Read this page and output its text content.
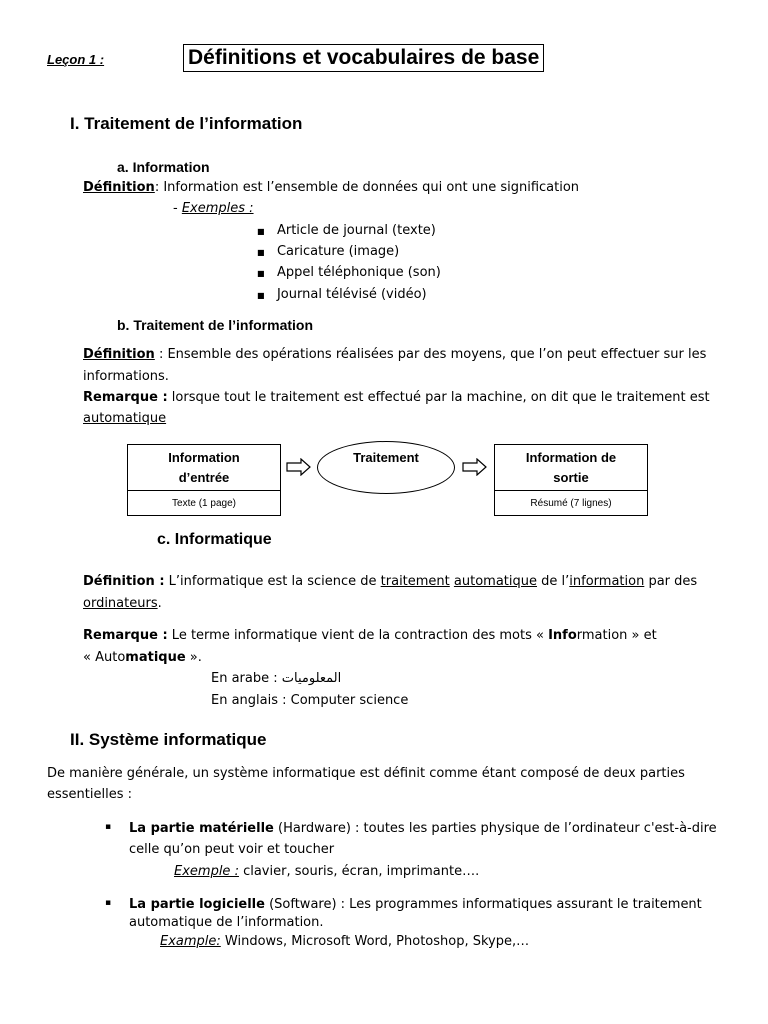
Leçon 1 :	Définitions et vocabulaires de base
I. Traitement de l’information
a. Information
Définition: Information est l’ensemble de données qui ont une signification
- Exemples :
■ Article de journal (texte)
■ Caricature (image)
■ Appel téléphonique (son)
■ Journal télévisé (vidéo)
b. Traitement de l’information
Définition : Ensemble des opérations réalisées par des moyens, que l’on peut effectuer sur les
informations.
Remarque : lorsque tout le traitement est effectué par la machine, on dit que le traitement est
automatique
Information d’entrée
Texte (1 page)
Traitement	Information de sortie
Résumé (7 lignes)
c. Informatique
Définition : L’informatique est la science de traitement automatique de l’information par des
ordinateurs.
Remarque : Le terme informatique vient de la contraction des mots « Information » et
« Automatique ».
En arabe : المعلوميات
En anglais : Computer science
II. Système informatique
De manière générale, un système informatique est définit comme étant composé de deux parties
essentielles :
▪ La partie matérielle (Hardware) : toutes les parties physique de l’ordinateur c'est-à-dire
celle qu’on peut voir et toucher
Exemple : clavier, souris, écran, imprimante….
▪ La partie logicielle (Software) : Les programmes informatiques assurant le traitement
automatique de l’information.
Example: Windows, Microsoft Word, Photoshop, Skype,…
